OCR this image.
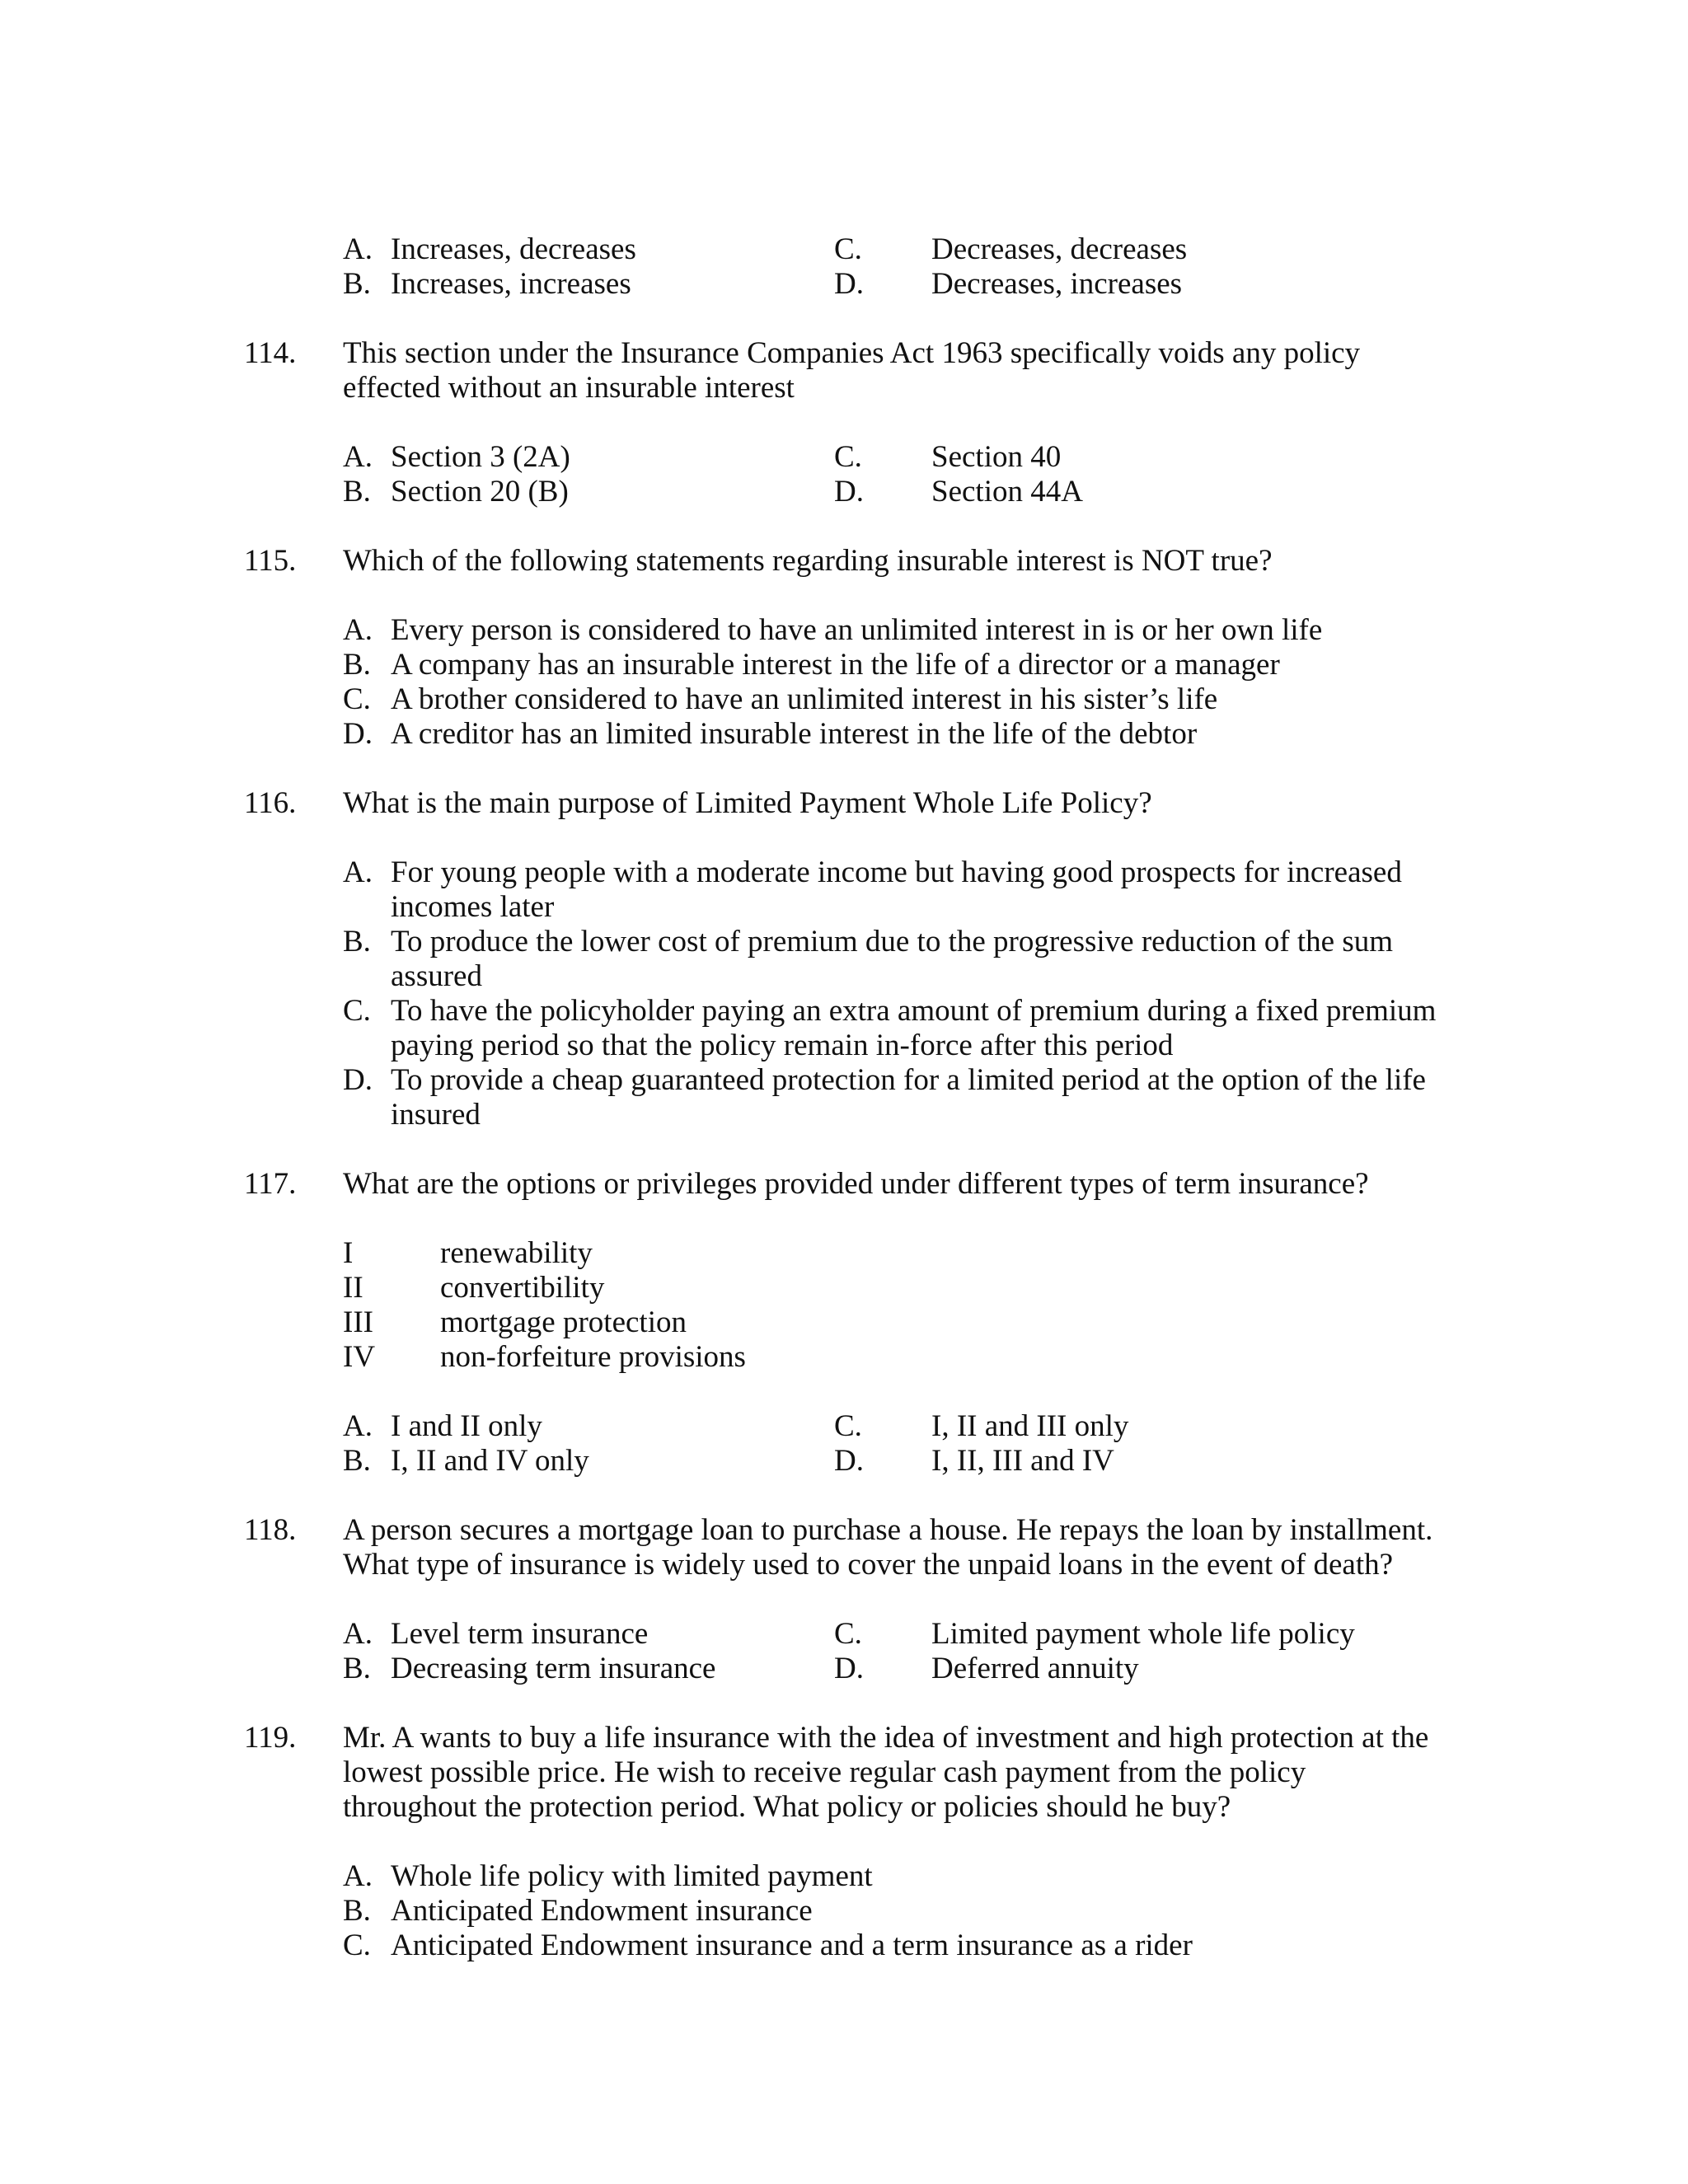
A. Increases, decreases	C. Decreases, decreases
B. Increases, increases	D. Decreases, increases
114. This section under the Insurance Companies Act 1963 specifically voids any policy
effected without an insurable interest
A. Section 3 (2A)	C. Section 40
B. Section 20 (B)	D. Section 44A
115. Which of the following statements regarding insurable interest is NOT true?
A. Every person is considered to have an unlimited interest in is or her own life
B. A company has an insurable interest in the life of a director or a manager
C. A brother considered to have an unlimited interest in his sister’s life
D. A creditor has an limited insurable interest in the life of the debtor
116. What is the main purpose of Limited Payment Whole Life Policy?
A. For young people with a moderate income but having good prospects for increased
incomes later
B. To produce the lower cost of premium due to the progressive reduction of the sum
assured
C. To have the policyholder paying an extra amount of premium during a fixed premium
paying period so that the policy remain in-force after this period
D. To provide a cheap guaranteed protection for a limited period at the option of the life
insured
117. What are the options or privileges provided under different types of term insurance?
I	renewability
II	convertibility
III mortgage protection
IV non-forfeiture provisions
A. I and II only	C. I, II and III only
B. I, II and IV only	D. I, II, III and IV
118. A person secures a mortgage loan to purchase a house. He repays the loan by installment.
What type of insurance is widely used to cover the unpaid loans in the event of death?
A. Level term insurance	C. Limited payment whole life policy
B. Decreasing term insurance	D. Deferred annuity
119. Mr. A wants to buy a life insurance with the idea of investment and high protection at the
lowest possible price. He wish to receive regular cash payment from the policy
throughout the protection period. What policy or policies should he buy?
A. Whole life policy with limited payment
B. Anticipated Endowment insurance
C. Anticipated Endowment insurance and a term insurance as a rider
